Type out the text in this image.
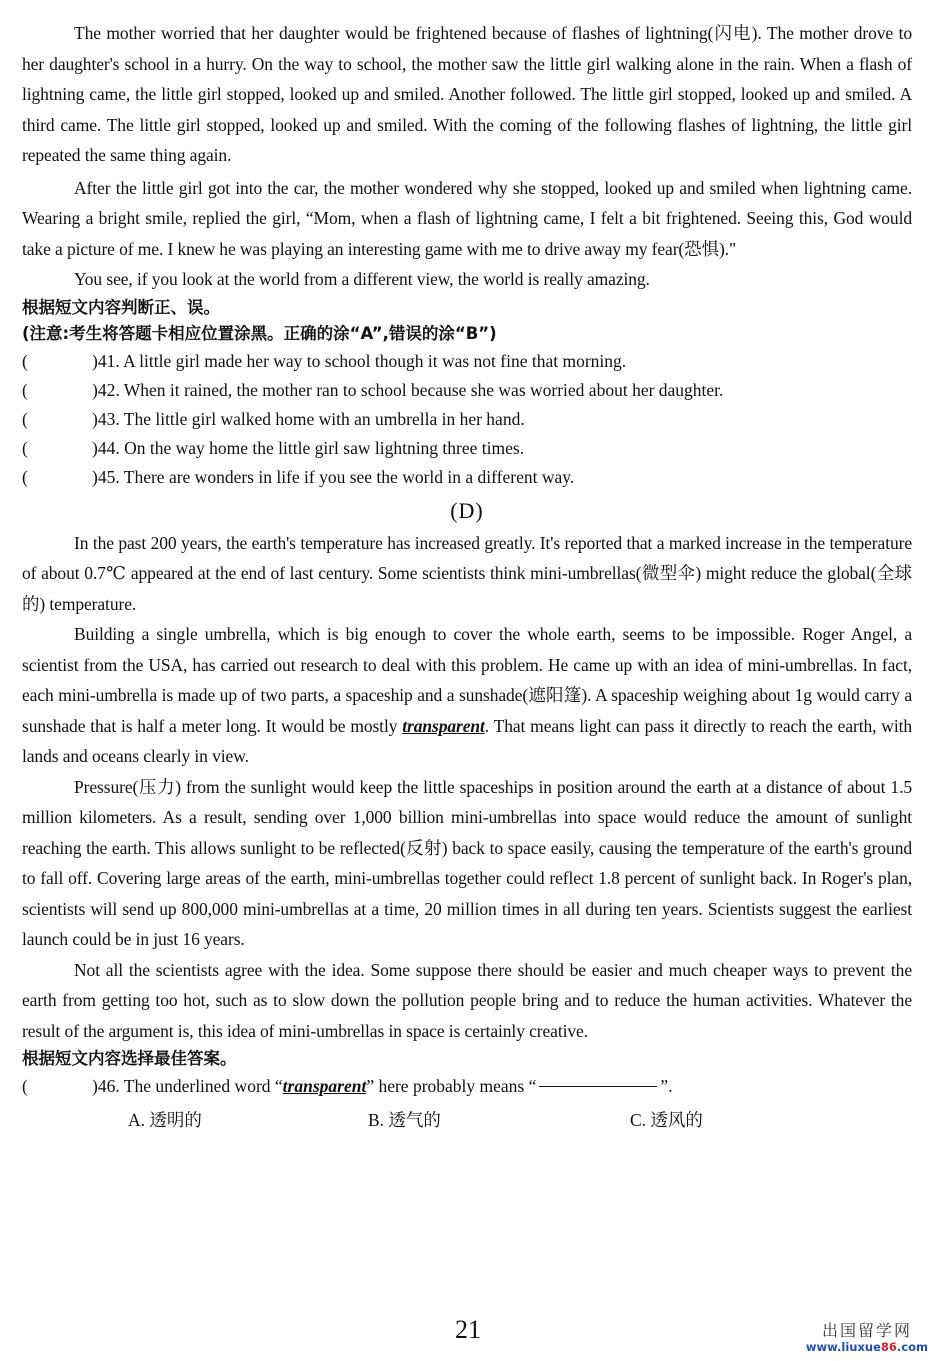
The mother worried that her daughter would be frightened because of flashes of lightning(闪电). The mother drove to her daughter's school in a hurry. On the way to school, the mother saw the little girl walking alone in the rain. When a flash of lightning came, the little girl stopped, looked up and smiled. Another followed. The little girl stopped, looked up and smiled. A third came. The little girl stopped, looked up and smiled. With the coming of the following flashes of lightning, the little girl repeated the same thing again.

After the little girl got into the car, the mother wondered why she stopped, looked up and smiled when lightning came. Wearing a bright smile, replied the girl, “Mom, when a flash of lightning came, I felt a bit frightened. Seeing this, God would take a picture of me. I knew he was playing an interesting game with me to drive away my fear(恐惧)."

You see, if you look at the world from a different view, the world is really amazing.

根据短文内容判断正、误。

(注意:考生将答题卡相应位置涂黑。正确的涂“A”,错误的涂“B”)

(	) 41. A little girl made her way to school though it was not fine that morning.
(	) 42. When it rained, the mother ran to school because she was worried about her daughter.
(	) 43. The little girl walked home with an umbrella in her hand.
(	) 44. On the way home the little girl saw lightning three times.
(	) 45. There are wonders in life if you see the world in a different way.
(D)

In the past 200 years, the earth's temperature has increased greatly. It's reported that a marked increase in the temperature of about 0.7℃ appeared at the end of last century. Some scientists think mini-umbrellas(微型伞) might reduce the global(全球的) temperature.

Building a single umbrella, which is big enough to cover the whole earth, seems to be impossible. Roger Angel, a scientist from the USA, has carried out research to deal with this problem. He came up with an idea of mini-umbrellas. In fact, each mini-umbrella is made up of two parts, a spaceship and a sunshade(遮阳篷). A spaceship weighing about 1g would carry a sunshade that is half a meter long. It would be mostly transparent. That means light can pass it directly to reach the earth, with lands and oceans clearly in view.

Pressure(压力) from the sunlight would keep the little spaceships in position around the earth at a distance of about 1.5 million kilometers. As a result, sending over 1,000 billion mini-umbrellas into space would reduce the amount of sunlight reaching the earth. This allows sunlight to be reflected(反射) back to space easily, causing the temperature of the earth's ground to fall off. Covering large areas of the earth, mini-umbrellas together could reflect 1.8 percent of sunlight back. In Roger's plan, scientists will send up 800,000 mini-umbrellas at a time, 20 million times in all during ten years. Scientists suggest the earliest launch could be in just 16 years.

Not all the scientists agree with the idea. Some suppose there should be easier and much cheaper ways to prevent the earth from getting too hot, such as to slow down the pollution people bring and to reduce the human activities. Whatever the result of the argument is, this idea of mini-umbrellas in space is certainly creative.

根据短文内容选择最佳答案。

(	) 46. The underlined word “ transparent ” here probably means “	”.
A. 透明的	B. 透气的	C. 透风的
21	出国留学网
www.liuxue86.com
